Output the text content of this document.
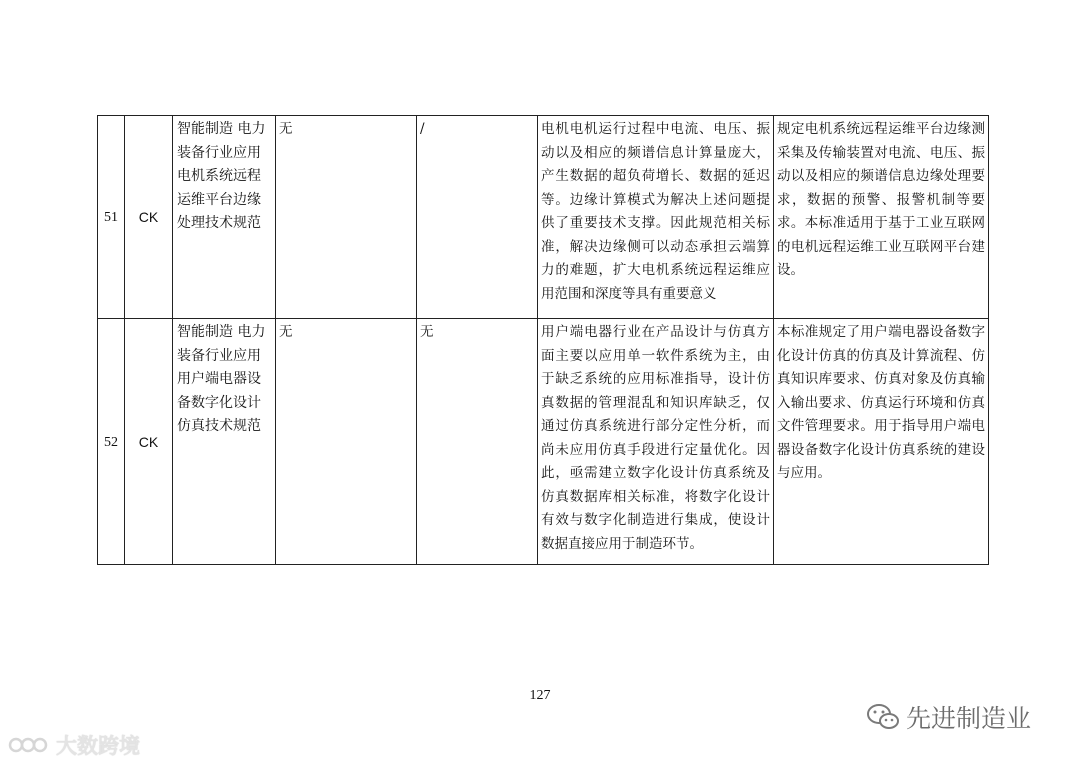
51	CK	智能制造 电力装备行业应用 电机系统远程运维平台边缘处理技术规范	无	/	电机电机运行过程中电流、电压、振动以及相应的频谱信息计算量庞大，产生数据的超负荷增长、数据的延迟等。边缘计算模式为解决上述问题提供了重要技术支撑。因此规范相关标准，解决边缘侧可以动态承担云端算力的难题，扩大电机系统远程运维应用范围和深度等具有重要意义	规定电机系统远程运维平台边缘测采集及传输装置对电流、电压、振动以及相应的频谱信息边缘处理要求，数据的预警、报警机制等要求。本标准适用于基于工业互联网的电机远程运维工业互联网平台建设。
52	CK	智能制造 电力装备行业应用 用户端电器设备数字化设计仿真技术规范	无	无	用户端电器行业在产品设计与仿真方面主要以应用单一软件系统为主，由于缺乏系统的应用标准指导，设计仿真数据的管理混乱和知识库缺乏，仅通过仿真系统进行部分定性分析，而尚未应用仿真手段进行定量优化。因此，亟需建立数字化设计仿真系统及仿真数据库相关标准，将数字化设计有效与数字化制造进行集成，使设计数据直接应用于制造环节。	本标准规定了用户端电器设备数字化设计仿真的仿真及计算流程、仿真知识库要求、仿真对象及仿真输入输出要求、仿真运行环境和仿真文件管理要求。用于指导用户端电器设备数字化设计仿真系统的建设与应用。
127
大数跨境
先进制造业
